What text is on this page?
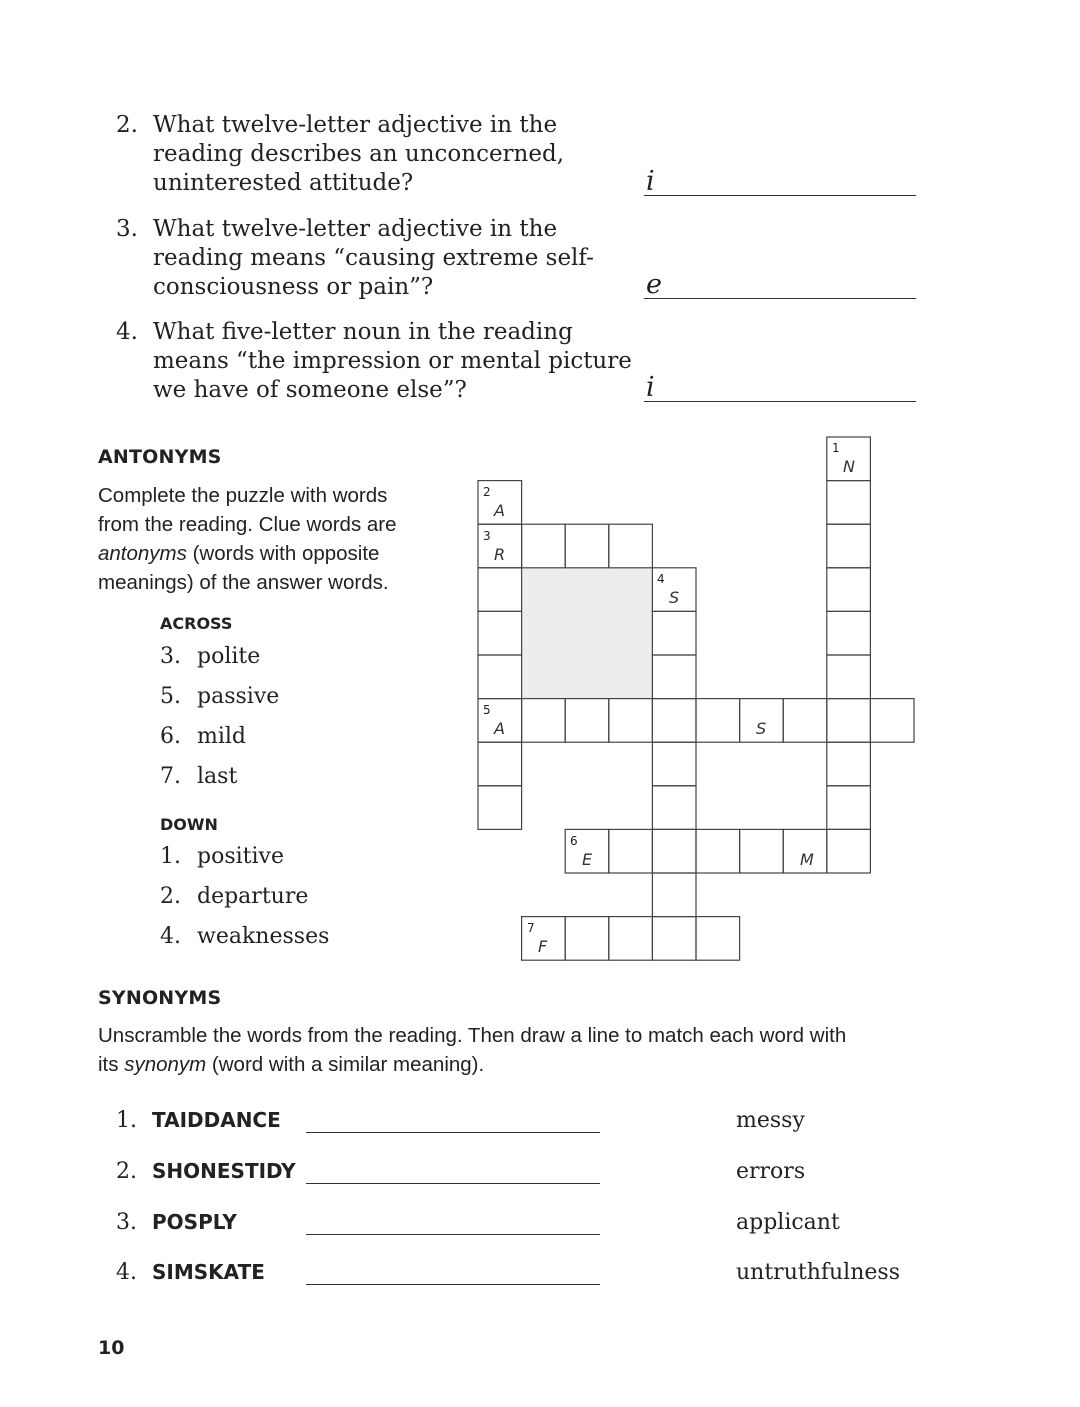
2. What twelve-letter adjective in the reading describes an unconcerned, uninterested attitude?	i
3. What twelve-letter adjective in the reading means “causing extreme self-consciousness or pain”?	e
4. What five-letter noun in the reading means “the impression or mental picture we have of someone else”?	i
ANTONYMS
Complete the puzzle with words
from the reading. Clue words are
antonyms (words with opposite
meanings) of the answer words.
ACROSS
3. polite
5. passive
6. mild
7. last
DOWN
1. positive
2. departure
4. weaknesses
1
2
3
4
5
6
7
N
A
R
S
A	S
E	M
F
SYNONYMS
Unscramble the words from the reading. Then draw a line to match each word with
its synonym (word with a similar meaning).
1. TAIDDANCE	messy
2. SHONESTIDY	errors
3. POSPLY	applicant
4. SIMSKATE	untruthfulness
10
